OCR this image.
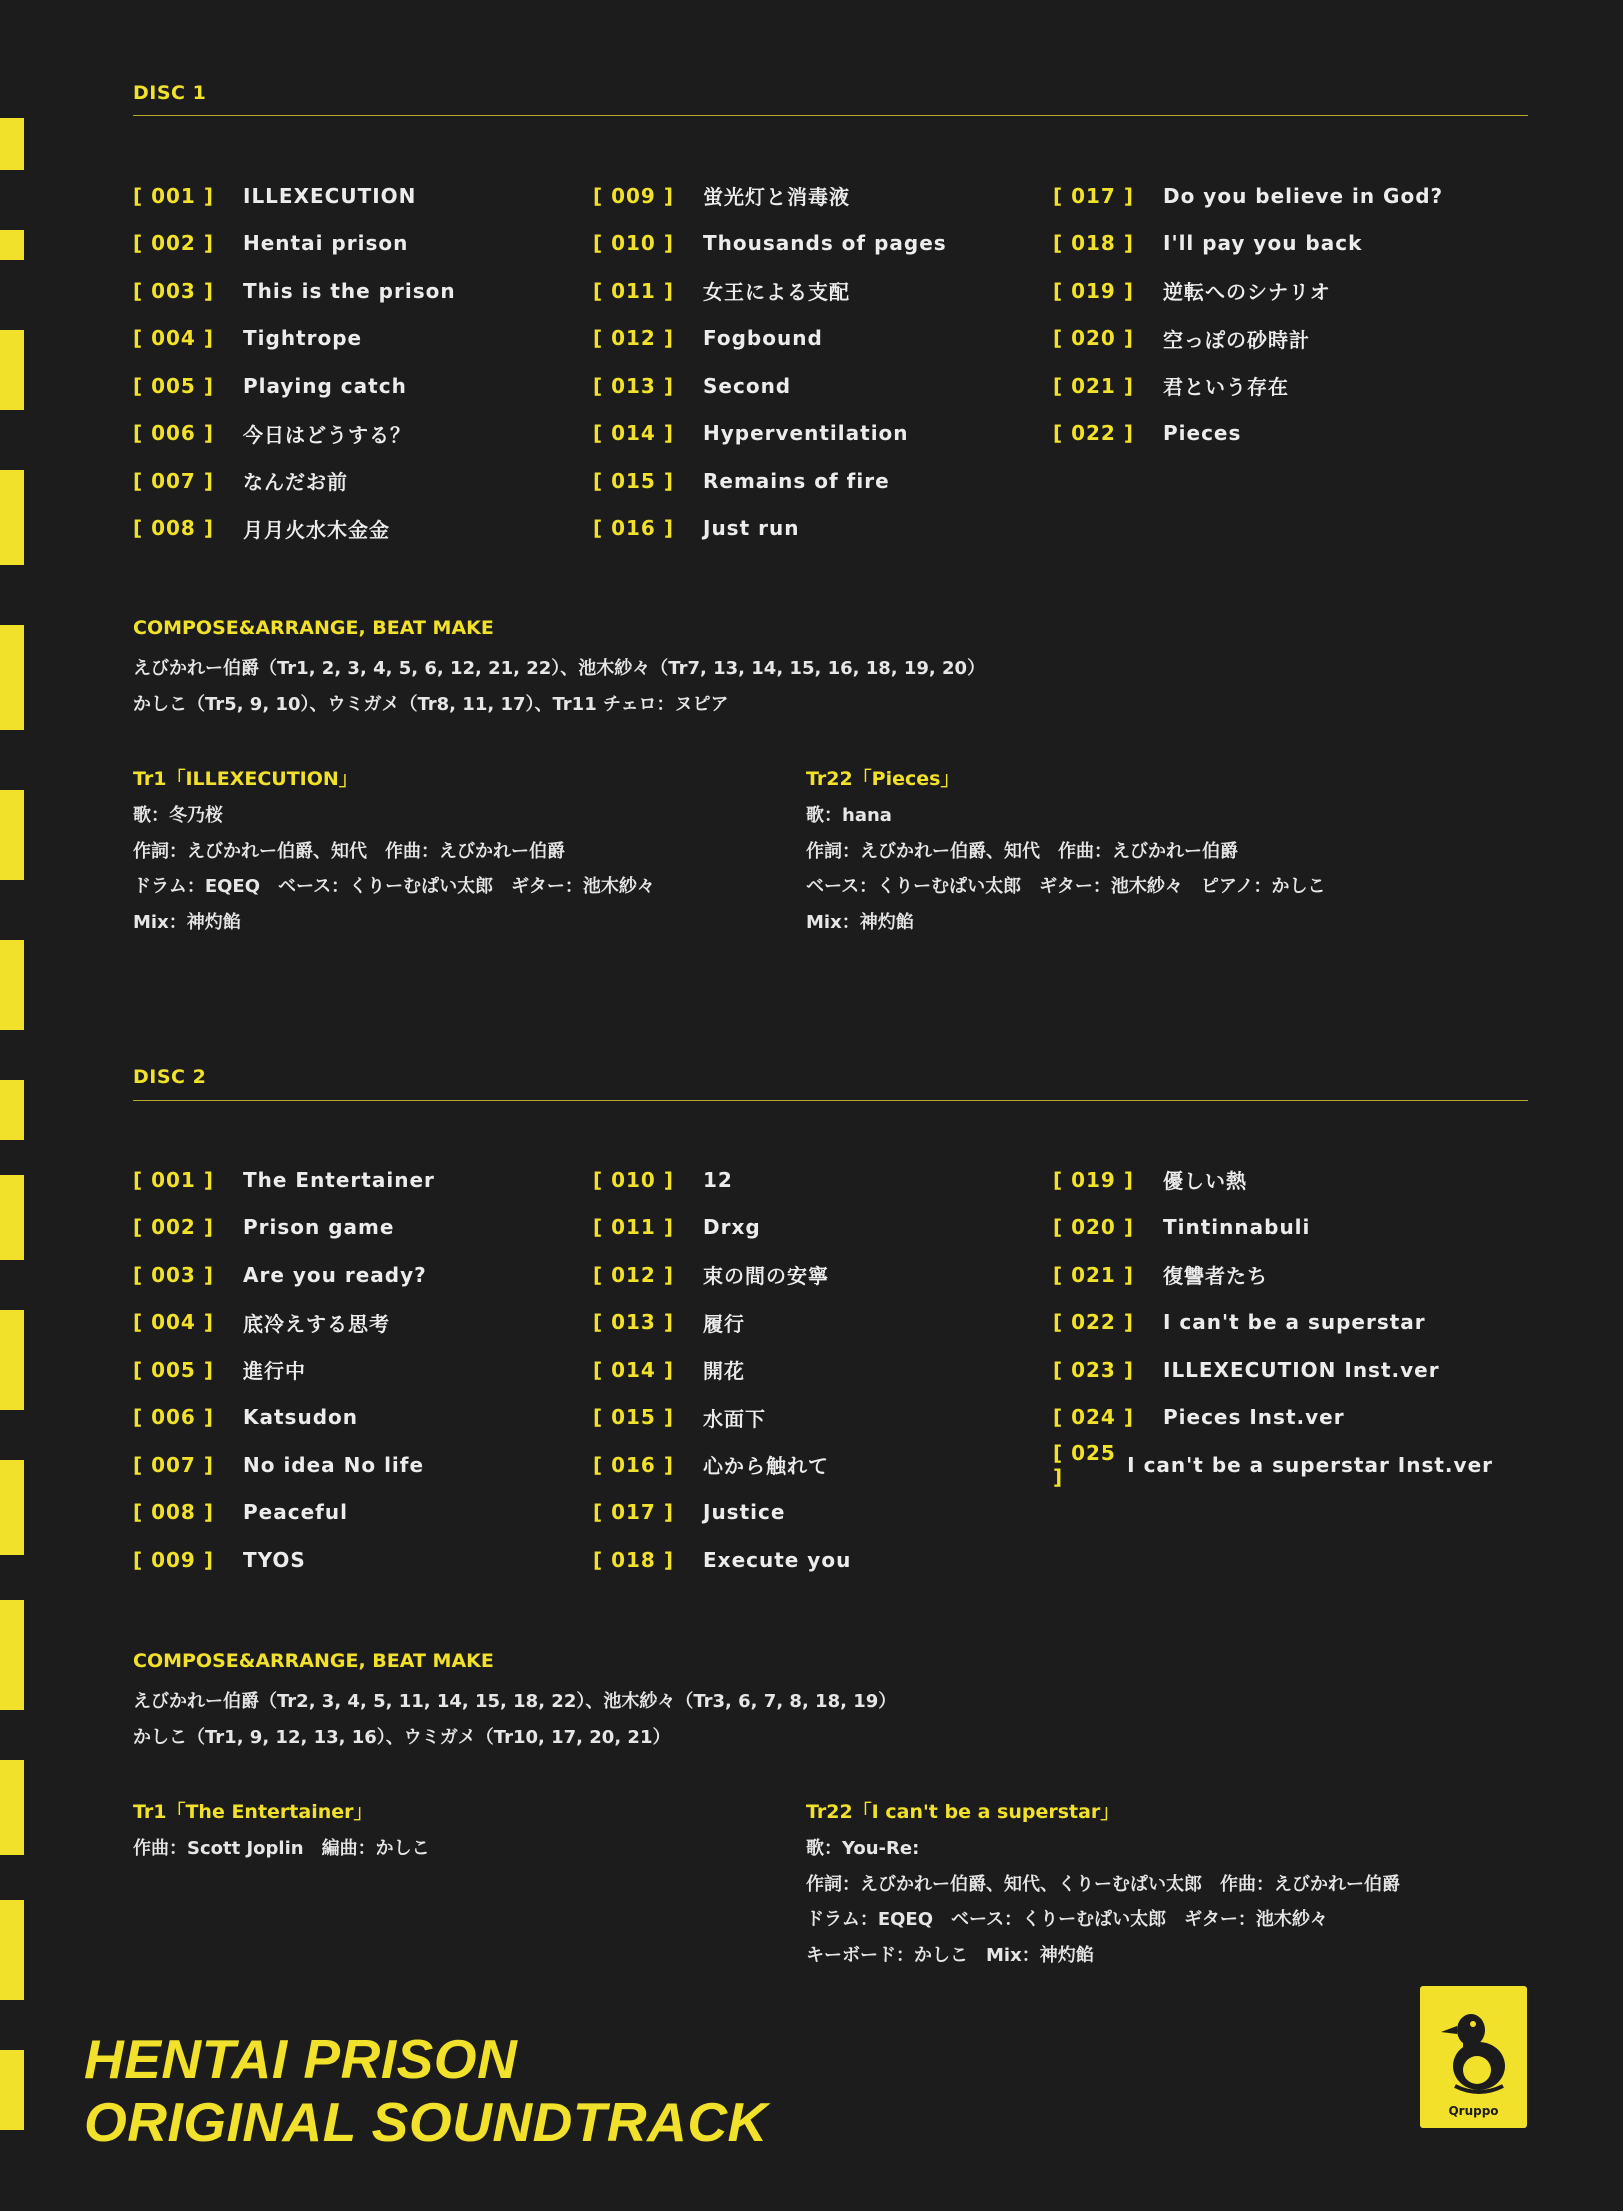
DISC 1
[ 001 ]	ILLEXECUTION
[ 002 ]	Hentai prison
[ 003 ]	This is the prison
[ 004 ]	Tightrope
[ 005 ]	Playing catch
[ 006 ]	今日はどうする？
[ 007 ]	なんだお前
[ 008 ]	月月火水木金金
[ 009 ]	蛍光灯と消毒液
[ 010 ]	Thousands of pages
[ 011 ]	女王による支配
[ 012 ]	Fogbound
[ 013 ]	Second
[ 014 ]	Hyperventilation
[ 015 ]	Remains of fire
[ 016 ]	Just run
[ 017 ]	Do you believe in God?
[ 018 ]	I'll pay you back
[ 019 ]	逆転へのシナリオ
[ 020 ]	空っぽの砂時計
[ 021 ]	君という存在
[ 022 ]	Pieces
COMPOSE&ARRANGE, BEAT MAKE
えびかれー伯爵（Tr1, 2, 3, 4, 5, 6, 12, 21, 22）、池木紗々（Tr7, 13, 14, 15, 16, 18, 19, 20）
かしこ（Tr5, 9, 10）、ウミガメ（Tr8, 11, 17）、Tr11 チェロ：ヌピア
Tr1「ILLEXECUTION」
歌：冬乃桜
作詞：えびかれー伯爵、知代　作曲：えびかれー伯爵
ドラム：EQEQ　ベース：くりーむぱい太郎　ギター：池木紗々
Mix：神灼餡
Tr22「Pieces」
歌：hana
作詞：えびかれー伯爵、知代　作曲：えびかれー伯爵
ベース：くりーむぱい太郎　ギター：池木紗々　ピアノ：かしこ
Mix：神灼餡
DISC 2
[ 001 ]	The Entertainer
[ 002 ]	Prison game
[ 003 ]	Are you ready?
[ 004 ]	底冷えする思考
[ 005 ]	進行中
[ 006 ]	Katsudon
[ 007 ]	No idea No life
[ 008 ]	Peaceful
[ 009 ]	TYOS
[ 010 ]	12
[ 011 ]	Drxg
[ 012 ]	束の間の安寧
[ 013 ]	履行
[ 014 ]	開花
[ 015 ]	水面下
[ 016 ]	心から触れて
[ 017 ]	Justice
[ 018 ]	Execute you
[ 019 ]	優しい熱
[ 020 ]	Tintinnabuli
[ 021 ]	復讐者たち
[ 022 ]	I can't be a superstar
[ 023 ]	ILLEXECUTION Inst.ver
[ 024 ]	Pieces Inst.ver
[ 025 ]	I can't be a superstar Inst.ver
COMPOSE&ARRANGE, BEAT MAKE
えびかれー伯爵（Tr2, 3, 4, 5, 11, 14, 15, 18, 22）、池木紗々（Tr3, 6, 7, 8, 18, 19）
かしこ（Tr1, 9, 12, 13, 16）、ウミガメ（Tr10, 17, 20, 21）
Tr1「The Entertainer」
作曲：Scott Joplin　編曲：かしこ
Tr22「I can't be a superstar」
歌：You-Re:
作詞：えびかれー伯爵、知代、くりーむぱい太郎　作曲：えびかれー伯爵
ドラム：EQEQ　ベース：くりーむぱい太郎　ギター：池木紗々
キーボード：かしこ　Mix：神灼餡
HENTAI PRISON
ORIGINAL SOUNDTRACK	Qruppo
